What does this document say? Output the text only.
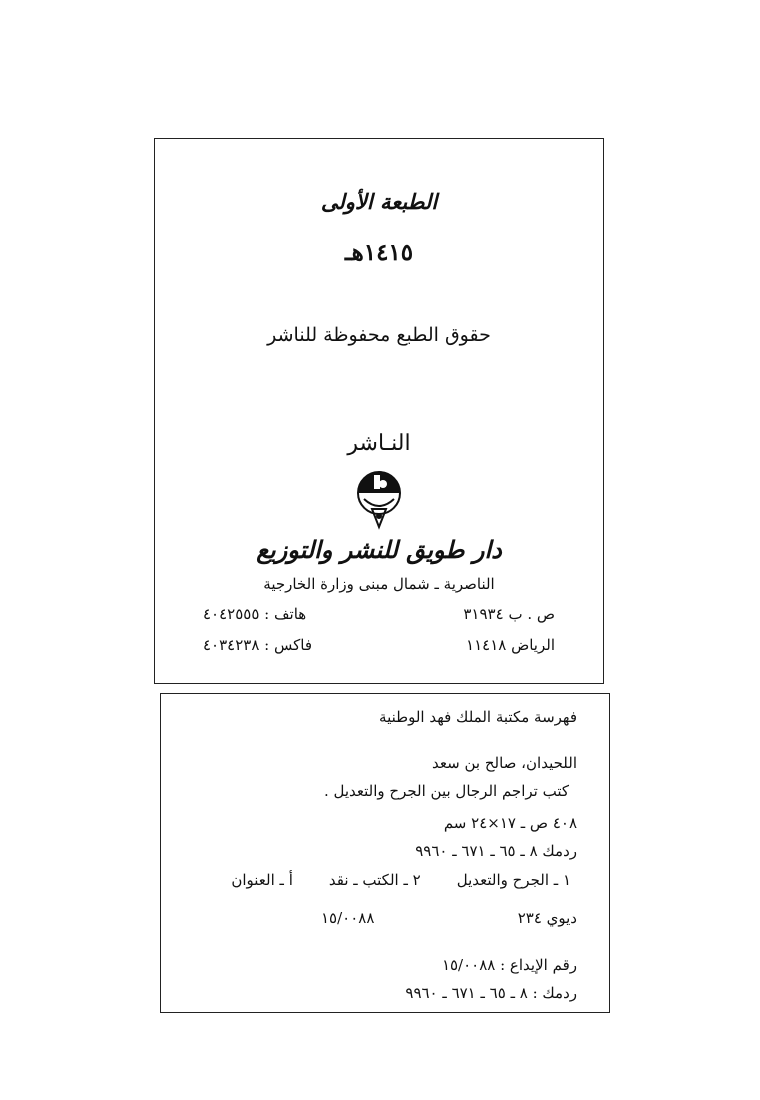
الطبعة الأولى
١٤١٥هـ
حقوق الطبع محفوظة للناشر
النـاشر
دار طويق للنشر والتوزيع
الناصرية ـ شمال مبنى وزارة الخارجية
ص . ب ٣١٩٣٤
هاتف : ٤٠٤٢٥٥٥
الرياض ١١٤١٨
فاكس : ٤٠٣٤٢٣٨
فهرسة مكتبة الملك فهد الوطنية
اللحيدان، صالح بن سعد
كتب تراجم الرجال بين الجرح والتعديل .
٤٠٨ ص ـ ١٧×٢٤ سم
ردمك ٨ ـ ٦٥ ـ ٦٧١ ـ ٩٩٦٠
١ ـ الجرح والتعديل٢ ـ الكتب ـ نقدأ ـ العنوان
ديوي ٢٣٤
١٥/٠٠٨٨
رقم الإيداع : ١٥/٠٠٨٨
ردمك : ٨ ـ ٦٥ ـ ٦٧١ ـ ٩٩٦٠
